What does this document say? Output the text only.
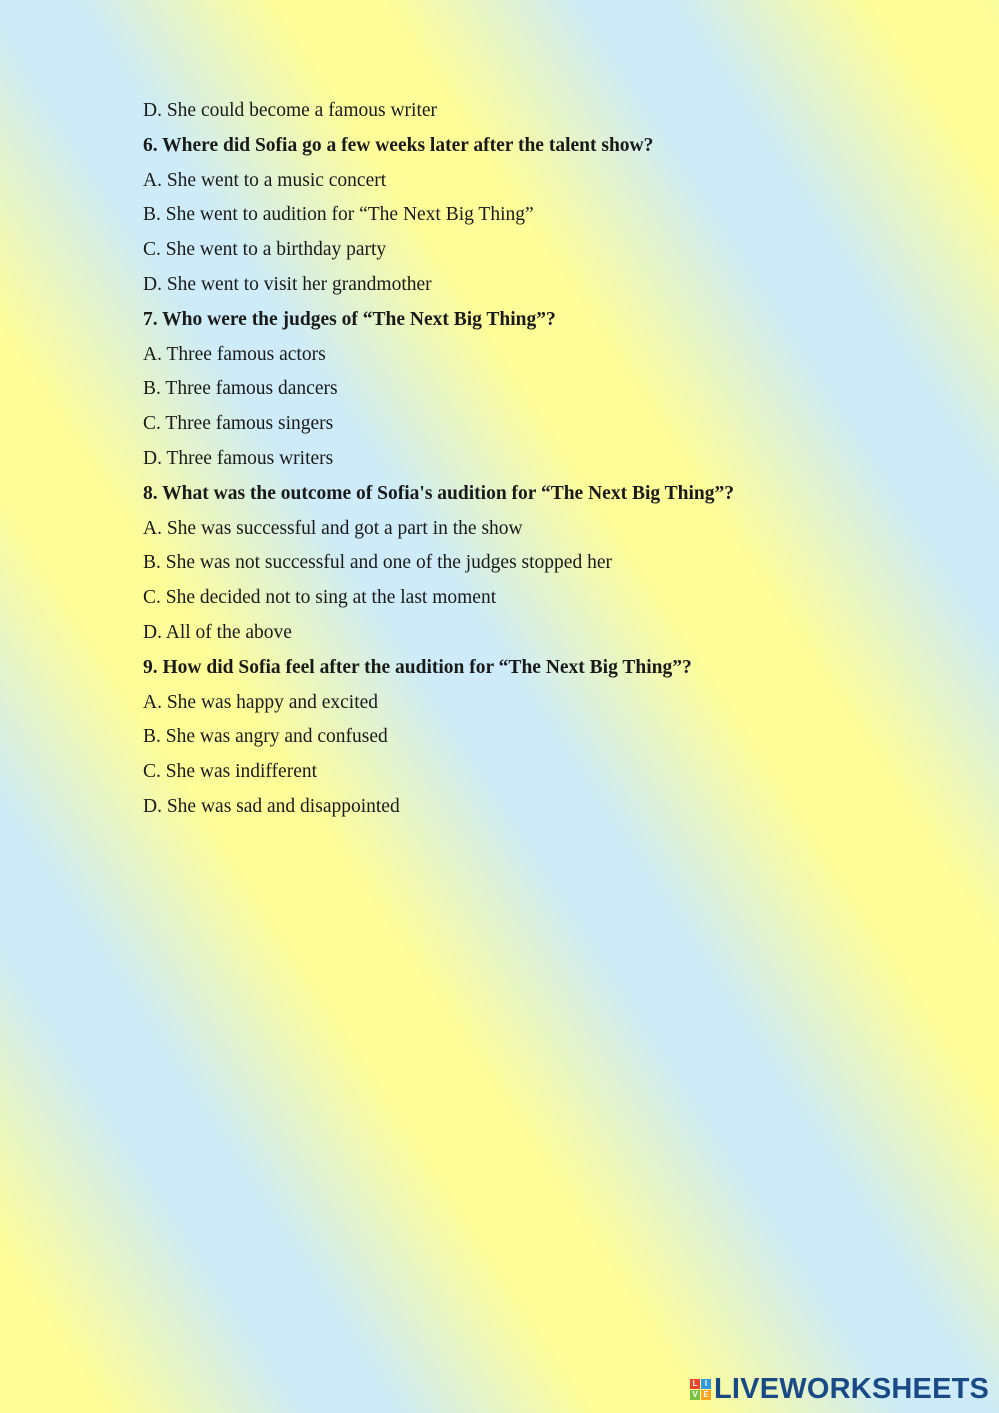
D. She could become a famous writer
6. Where did Sofia go a few weeks later after the talent show?
A. She went to a music concert
B. She went to audition for “The Next Big Thing”
C. She went to a birthday party
D. She went to visit her grandmother
7. Who were the judges of “The Next Big Thing”?
A. Three famous actors
B. Three famous dancers
C. Three famous singers
D. Three famous writers
8. What was the outcome of Sofia's audition for “The Next Big Thing”?
A. She was successful and got a part in the show
B. She was not successful and one of the judges stopped her
C. She decided not to sing at the last moment
D. All of the above
9. How did Sofia feel after the audition for “The Next Big Thing”?
A. She was happy and excited
B. She was angry and confused
C. She was indifferent
D. She was sad and disappointed
L I
V E LIVEWORKSHEETS
